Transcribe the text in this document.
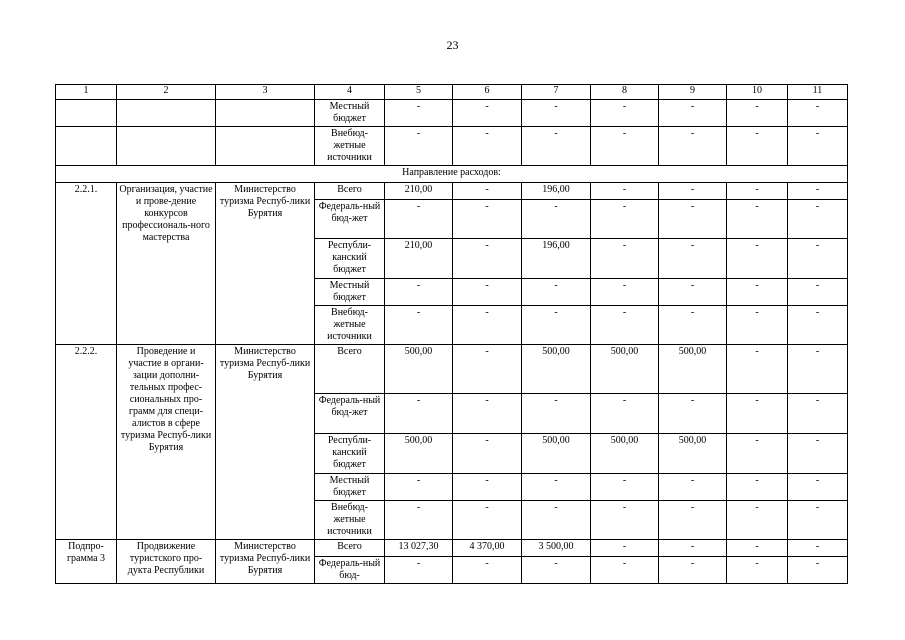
23
1	2	3	4	5	6	7	8	9	10	11
			Местный бюджет	-	-	-	-	-	-	-
			Внебюд-жетные источники	-	-	-	-	-	-	-
Направление расходов:										
2.2.1.	Организация, участие и прове-дение конкурсов профессиональ-ного мастерства	Министерство туризма Респуб-лики Бурятия	Всего	210,00	-	196,00	-	-	-	-
			Федераль-ный бюд-жет	-	-	-	-	-	-	-
			Республи-канский бюджет	210,00	-	196,00	-	-	-	-
			Местный бюджет	-	-	-	-	-	-	-
			Внебюд-жетные источники	-	-	-	-	-	-	-
2.2.2.	Проведение и участие в органи-зации дополни-тельных профес-сиональных про-грамм для специ-алистов в сфере туризма Респуб-лики Бурятия	Министерство туризма Респуб-лики Бурятия	Всего	500,00	-	500,00	500,00	500,00	-	-
			Федераль-ный бюд-жет	-	-	-	-	-	-	-
			Республи-канский бюджет	500,00	-	500,00	500,00	500,00	-	-
			Местный бюджет	-	-	-	-	-	-	-
			Внебюд-жетные источники	-	-	-	-	-	-	-
Подпро-грамма 3	Продвижение туристского про-дукта Республики	Министерство туризма Респуб-лики Бурятия	Всего	13 027,30	4 370,00	3 500,00	-	-	-	-
			Федераль-ный бюд-	-	-	-	-	-	-	-
